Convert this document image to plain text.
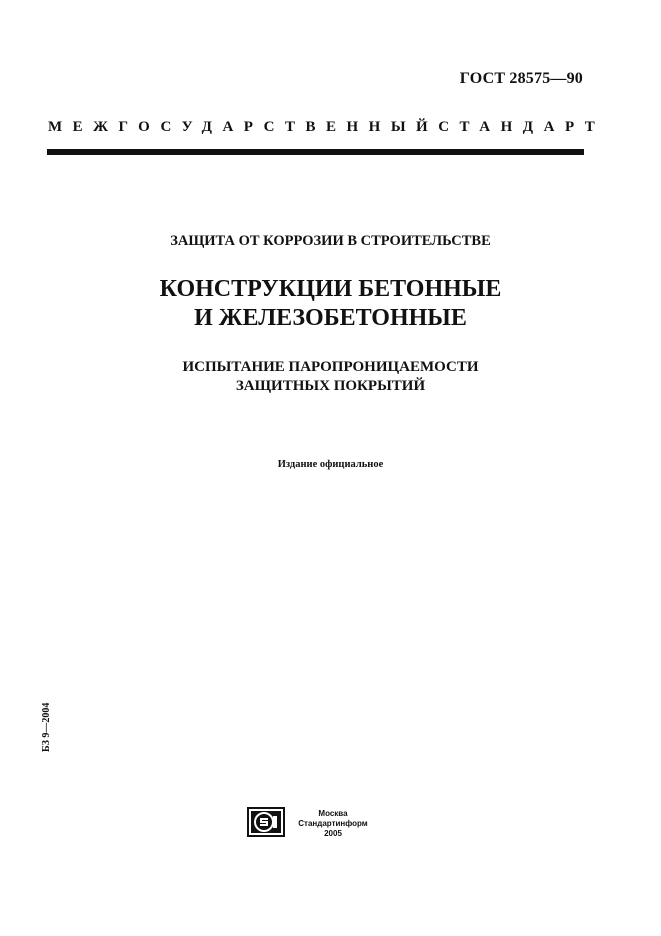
ГОСТ 28575—90
МЕЖГОСУДАРСТВЕННЫЙ СТАНДАРТ
ЗАЩИТА ОТ КОРРОЗИИ В СТРОИТЕЛЬСТВЕ
КОНСТРУКЦИИ БЕТОННЫЕ
И ЖЕЛЕЗОБЕТОННЫЕ
ИСПЫТАНИЕ ПАРОПРОНИЦАЕМОСТИ
ЗАЩИТНЫХ ПОКРЫТИЙ
Издание официальное
БЗ 9—2004
Москва
Стандартинформ
2005
